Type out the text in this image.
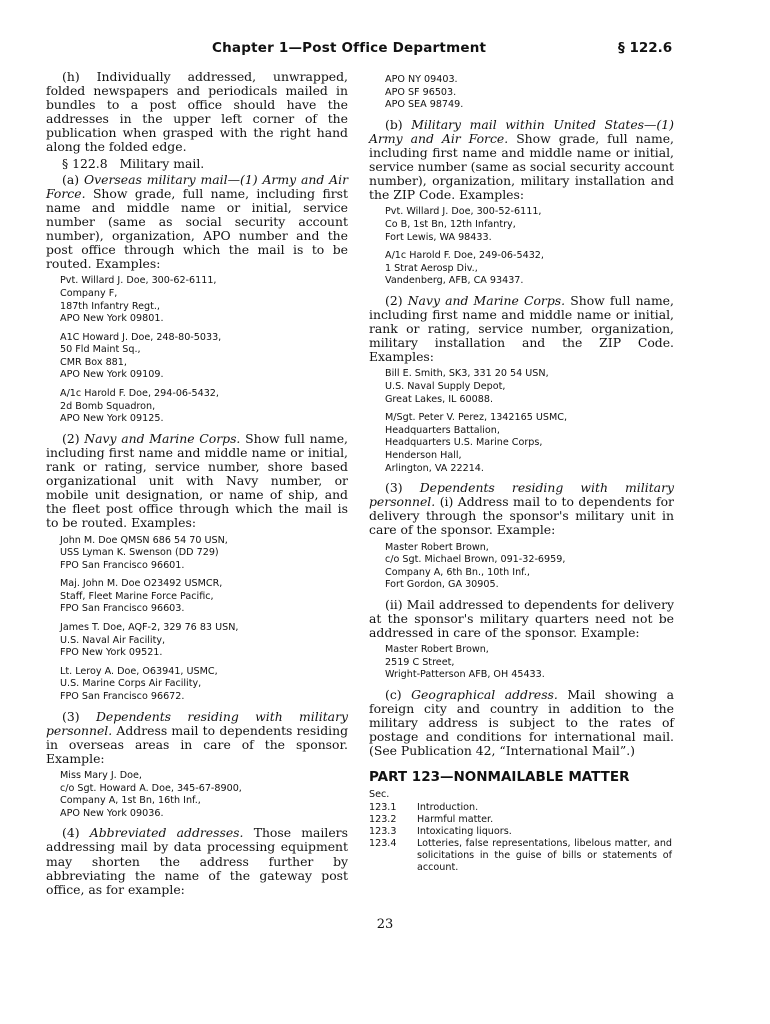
Chapter 1—Post Office Department	§ 122.6

(h) Individually addressed, unwrapped, folded newspapers and periodicals mailed in bundles to a post office should have the addresses in the upper left corner of the publication when grasped with the right hand along the folded edge.

§ 122.8 Military mail.

(a) Overseas military mail—(1) Army and Air Force. Show grade, full name, including first name and middle name or initial, service number (same as social security account number), organization, APO number and the post office through which the mail is to be routed. Examples:

Pvt. Willard J. Doe, 300-62-6111,
Company F,
187th Infantry Regt.,
APO New York 09801.
A1C Howard J. Doe, 248-80-5033,
50 Fld Maint Sq.,
CMR Box 881,
APO New York 09109.
A/1c Harold F. Doe, 294-06-5432,
2d Bomb Squadron,
APO New York 09125.

(2) Navy and Marine Corps. Show full name, including first name and middle name or initial, rank or rating, service number, shore based organizational unit with Navy number, or mobile unit designation, or name of ship, and the fleet post office through which the mail is to be routed. Examples:

John M. Doe QMSN 686 54 70 USN,
USS Lyman K. Swenson (DD 729)
FPO San Francisco 96601.
Maj. John M. Doe O23492 USMCR,
Staff, Fleet Marine Force Pacific,
FPO San Francisco 96603.
James T. Doe, AQF-2, 329 76 83 USN,
U.S. Naval Air Facility,
FPO New York 09521.
Lt. Leroy A. Doe, O63941, USMC,
U.S. Marine Corps Air Facility,
FPO San Francisco 96672.

(3) Dependents residing with military personnel. Address mail to dependents residing in overseas areas in care of the sponsor. Example:

Miss Mary J. Doe,
c/o Sgt. Howard A. Doe, 345-67-8900,
Company A, 1st Bn, 16th Inf.,
APO New York 09036.

(4) Abbreviated addresses. Those mailers addressing mail by data processing equipment may shorten the address further by abbreviating the name of the gateway post office, as for example:

APO NY 09403.
APO SF 96503.
APO SEA 98749.

(b) Military mail within United States—(1) Army and Air Force. Show grade, full name, including first name and middle name or initial, service number (same as social security account number), organization, military installation and the ZIP Code. Examples:

Pvt. Willard J. Doe, 300-52-6111,
Co B, 1st Bn, 12th Infantry,
Fort Lewis, WA 98433.
A/1c Harold F. Doe, 249-06-5432,
1 Strat Aerosp Div.,
Vandenberg, AFB, CA 93437.

(2) Navy and Marine Corps. Show full name, including first name and middle name or initial, rank or rating, service number, organization, military installation and the ZIP Code. Examples:

Bill E. Smith, SK3, 331 20 54 USN,
U.S. Naval Supply Depot,
Great Lakes, IL 60088.
M/Sgt. Peter V. Perez, 1342165 USMC,
Headquarters Battalion,
Headquarters U.S. Marine Corps,
Henderson Hall,
Arlington, VA 22214.

(3) Dependents residing with military personnel. (i) Address mail to to dependents for delivery through the sponsor's military unit in care of the sponsor. Example:

Master Robert Brown,
c/o Sgt. Michael Brown, 091-32-6959,
Company A, 6th Bn., 10th Inf.,
Fort Gordon, GA 30905.

(ii) Mail addressed to dependents for delivery at the sponsor's military quarters need not be addressed in care of the sponsor. Example:

Master Robert Brown,
2519 C Street,
Wright-Patterson AFB, OH 45433.

(c) Geographical address. Mail showing a foreign city and country in addition to the military address is subject to the rates of postage and conditions for international mail. (See Publication 42, “International Mail”.)

PART 123—NONMAILABLE MATTER
Sec.
123.1	Introduction.
123.2	Harmful matter.
123.3	Intoxicating liquors.
123.4	Lotteries, false representations, libelous matter, and solicitations in the guise of bills or statements of account.
23
